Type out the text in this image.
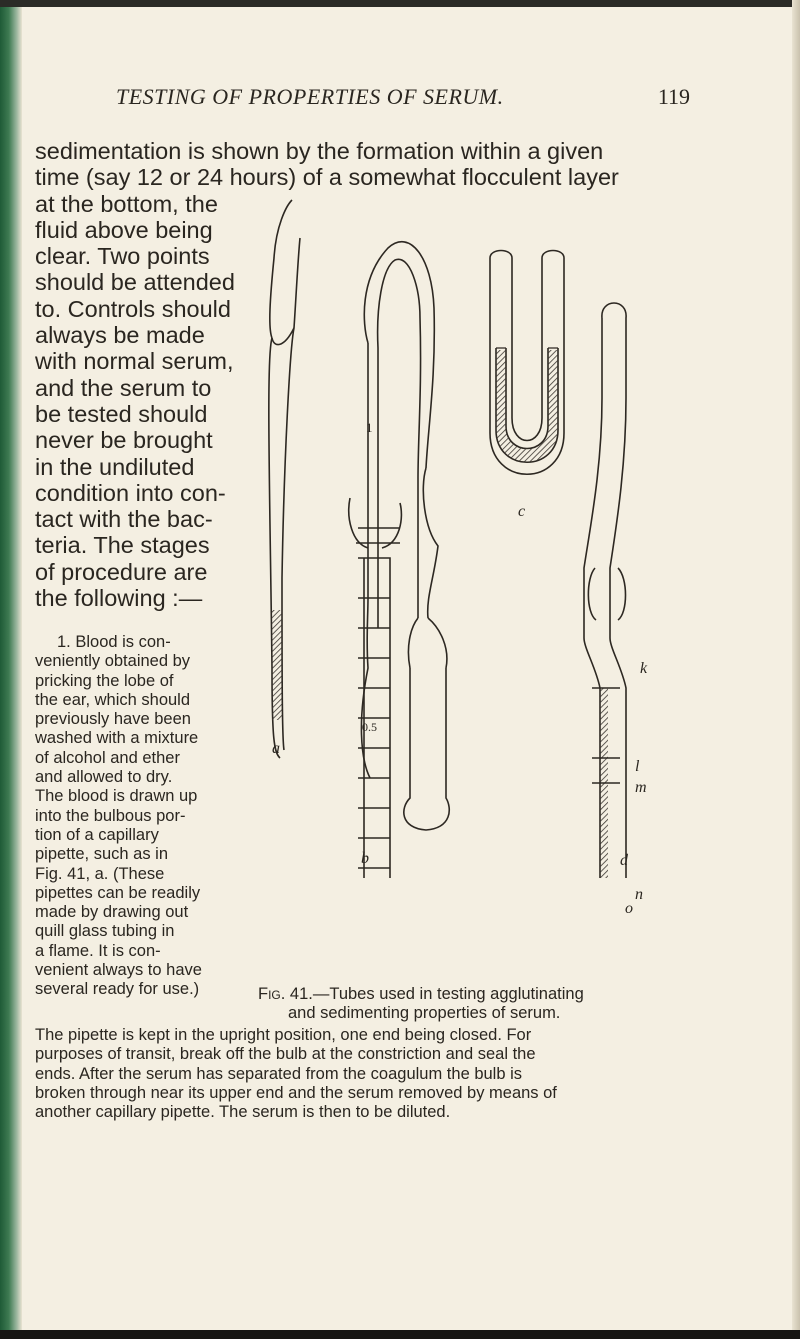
TESTING OF PROPERTIES OF SERUM.	119
sedimentation is shown by the formation within a given
time (say 12 or 24 hours) of a somewhat flocculent layer
at the bottom, the
fluid above being
clear. Two points
should be attended
to. Controls should
always be made
with normal serum,
and the serum to
be tested should
never be brought
in the undiluted
condition into con-
tact with the bac-
teria. The stages
of procedure are
the following :—
1. Blood is con-
veniently obtained by
pricking the lobe of
the ear, which should
previously have been
washed with a mixture
of alcohol and ether
and allowed to dry.
The blood is drawn up
into the bulbous por-
tion of a capillary
pipette, such as in
Fig. 41, a. (These
pipettes can be readily
made by drawing out
quill glass tubing in
a flame. It is con-
venient always to have
several ready for use.)
The pipette is kept in the upright position, one end being closed. For
purposes of transit, break off the bulb at the constriction and seal the
ends. After the serum has separated from the coagulum the bulb is
broken through near its upper end and the serum removed by means of
another capillary pipette. The serum is then to be diluted.
a
b
c
d
k
l
m
n
o
1
0.5
Fig. 41.—Tubes used in testing agglutinating
and sedimenting properties of serum.
